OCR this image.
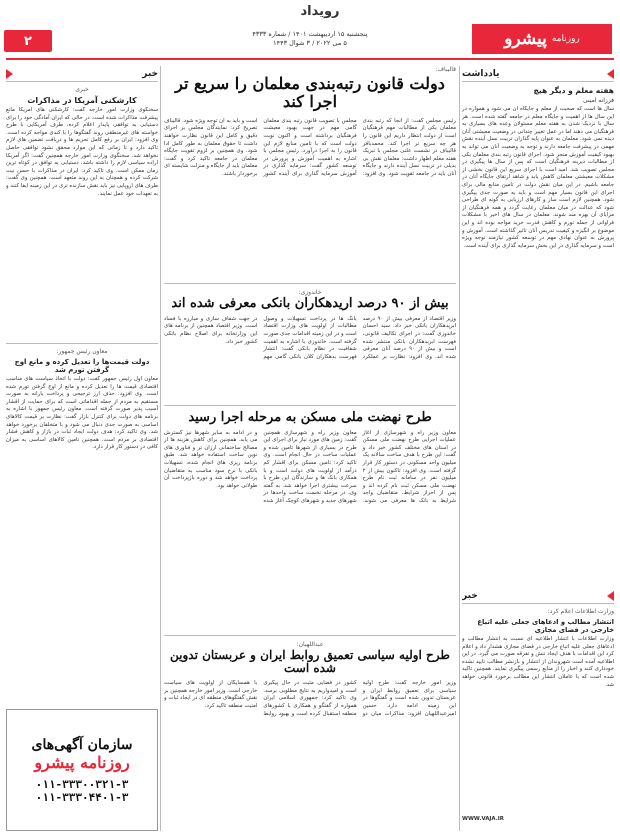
رویداد
روزنامه
پیشرو
پنجشنبه ۱۵ اردیبهشت ۱۴۰۱ / شماره ۴۳۳۳
۵ می ۲۰۲۲ / ۳ شوال ۱۴۴۳
۲
یادداشت
هفته معلم و دیگر هیچ
فرزانه امینی
سال ها است که صحبت از معلم و جایگاه آن می شود و همواره در این سال ها از اهمیت و جایگاه معلم در جامعه گفته شده است. هر سال با نزدیک شدن به هفته معلم مسئولان وعده های بسیاری به فرهنگیان می دهند اما در عمل تغییر چندانی در وضعیت معیشتی آنان دیده نمی شود. معلمان به عنوان پایه گذاران تربیت نسل آینده نقش مهمی در پیشرفت جامعه دارند و توجه به وضعیت آنان می تواند به بهبود کیفیت آموزش منجر شود. اجرای قانون رتبه بندی معلمان یکی از مطالبات دیرینه فرهنگیان است که پس از سال ها پیگیری در مجلس تصویب شد. امید است با اجرای سریع این قانون بخشی از مشکلات معیشتی معلمان کاهش یابد و شاهد ارتقای جایگاه آنان در جامعه باشیم. در این میان نقش دولت در تامین منابع مالی برای اجرای این قانون بسیار مهم است و باید به صورت جدی پیگیری شود. همچنین لازم است ساز و کارهای ارزیابی به گونه ای طراحی شود که عدالت در میان معلمان رعایت گردد و همه فرهنگیان از مزایای آن بهره مند شوند. معلمان در سال های اخیر با مشکلات فراوانی از جمله تورم و کاهش قدرت خرید مواجه بوده اند و این موضوع بر انگیزه و کیفیت تدریس آنان تاثیر گذاشته است. آموزش و پرورش به عنوان نهادی مهم در توسعه کشور نیازمند توجه ویژه است و سرمایه گذاری در این بخش سرمایه گذاری برای آینده است.
خبر
وزارت اطلاعات اعلام کرد:
انتشار مطالب و ادعاهای جعلی علیه اتباع خارجی در فضای مجازی
وزارت اطلاعات با انتشار اطلاعیه ای نسبت به انتشار مطالب و ادعاهای جعلی علیه اتباع خارجی در فضای مجازی هشدار داد و اعلام کرد این اقدامات با هدف ایجاد تنش و تفرقه صورت می گیرد. در این اطلاعیه آمده است شهروندان از انتشار و بازنشر مطالب تایید نشده خودداری کنند و اخبار را از منابع رسمی پیگیری نمایند. همچنین تاکید شده است که با عاملان انتشار این مطالب برخورد قانونی خواهد شد.
WWW.VAJA.IR
قالیباف:
دولت قانون رتبه‌بندی معلمان را سریع تر اجرا کند
رئیس مجلس گفت: از آنجا که رتبه بندی معلمان یکی از مطالبات مهم فرهنگیان است از دولت انتظار داریم این قانون را هر چه سریع تر اجرا کند. محمدباقر قالیباف در نشست علنی مجلس با تبریک هفته معلم اظهار داشت: معلمان نقش بی بدیلی در تربیت نسل آینده دارند و جایگاه آنان باید در جامعه تقویت شود. وی افزود: مجلس با تصویب قانون رتبه بندی معلمان گامی مهم در جهت بهبود معیشت فرهنگیان برداشته است و اکنون نوبت دولت است که با تامین منابع لازم این قانون را به اجرا درآورد. رئیس مجلس با اشاره به اهمیت آموزش و پرورش در توسعه کشور گفت: سرمایه گذاری در آموزش سرمایه گذاری برای آینده کشور است و باید به آن توجه ویژه شود. قالیباف تصریح کرد: نمایندگان مجلس بر اجرای دقیق و کامل این قانون نظارت خواهند داشت تا حقوق معلمان به طور کامل ادا شود. وی همچنین بر لزوم تقویت جایگاه معلمان در جامعه تاکید کرد و گفت: معلمان باید از جایگاه و منزلت شایسته ای برخوردار باشند.
خاندوزی:
بیش از ۹۰ درصد اریدهکاران بانکی معرفی شده اند
وزیر اقتصاد از معرفی بیش از ۹۰ درصد ابرپدهکاران بانکی خبر داد. سید احسان خاندوزی گفت: در اجرای تکالیف قانونی، فهرست ابربدهکاران بانکی منتشر شده است و بیش از ۹۰ درصد آنان معرفی شده اند. وی افزود: نظارت بر عملکرد بانک ها در پرداخت تسهیلات و وصول مطالبات از اولویت های وزارت اقتصاد است و در این زمینه اقدامات جدی صورت گرفته است. خاندوزی با اشاره به اهمیت شفافیت در نظام بانکی گفت: انتشار فهرست بدهکاران کلان بانکی گامی مهم در جهت شفاف سازی و مبارزه با فساد است. وزیر اقتصاد همچنین از برنامه های این وزارتخانه برای اصلاح نظام بانکی کشور خبر داد.
طرح نهضت ملی مسکن به مرحله اجرا رسید
معاون وزیر راه و شهرسازی از آغاز عملیات اجرایی طرح نهضت ملی مسکن در استان های مختلف کشور خبر داد و گفت: این طرح با هدف ساخت سالانه یک میلیون واحد مسکونی در دستور کار قرار گرفته است. وی افزود: تاکنون بیش از ۲ میلیون نفر در سامانه ثبت نام طرح نهضت ملی مسکن ثبت نام کرده اند و پس از احراز شرایط، متقاضیان واجد شرایط به بانک ها معرفی می شوند. معاون وزیر راه و شهرسازی همچنین گفت: زمین های مورد نیاز برای اجرای این طرح در بسیاری از شهرها تامین شده و عملیات ساخت در حال انجام است. وی تاکید کرد: تامین مسکن برای اقشار کم درآمد از اولویت های دولت است و با همکاری بانک ها و سازندگان این طرح با سرعت بیشتری اجرا خواهد شد. به گفته وی، در مرحله نخست ساخت واحدها در شهرهای جدید و شهرهای کوچک آغاز شده و در ادامه به سایر شهرها نیز گسترش می یابد. همچنین برای کاهش هزینه ها از مصالح ساختمانی ارزان تر و فناوری های نوین ساخت استفاده خواهد شد. طبق برنامه ریزی های انجام شده، تسهیلات بانکی با نرخ سود مناسب به متقاضیان پرداخت خواهد شد و دوره بازپرداخت آن طولانی خواهد بود.
عبداللهیان:
طرح اولیه سیاسی تعمیق روابط ایران و عربستان تدوین شده است
وزیر امور خارجه گفت: طرح اولیه سیاسی برای تعمیق روابط ایران و عربستان تدوین شده است و گفتگوها در این زمینه ادامه دارد. حسین امیرعبداللهیان افزود: مذاکرات میان دو کشور در فضایی مثبت در حال پیگیری است و امیدواریم به نتایج مطلوبی برسد. وی تاکید کرد: جمهوری اسلامی ایران همواره از گفتگو و همکاری با کشورهای منطقه استقبال کرده است و بهبود روابط با همسایگان از اولویت های سیاست خارجی است. وزیر امور خارجه همچنین بر نقش گفتگوهای منطقه ای در ایجاد ثبات و امنیت منطقه تاکید کرد.
خبر
خبری
کارشکنی آمریکا در مذاکرات
سخنگوی وزارت امور خارجه گفت: کارشکنی های آمریکا مانع پیشرفت مذاکرات شده است. در حالی که ایران آمادگی خود را برای دستیابی به توافقی پایدار اعلام کرده، طرف آمریکایی با طرح خواسته های غیرمنطقی روند گفتگوها را با کندی مواجه کرده است. وی افزود: ایران بر رفع کامل تحریم ها و دریافت تضمین های لازم تاکید دارد و تا زمانی که این موارد محقق نشود توافقی حاصل نخواهد شد. سخنگوی وزارت امور خارجه همچنین گفت: اگر آمریکا اراده سیاسی لازم را داشته باشد، دستیابی به توافق در کوتاه ترین زمان ممکن است. وی تاکید کرد: ایران در مذاکرات با حسن نیت شرکت کرده و همچنان به این روند متعهد است. همچنین وی گفت: طرف های اروپایی نیز باید نقش سازنده تری در این زمینه ایفا کنند و به تعهدات خود عمل نمایند.
معاون رئیس جمهور:
دولت قیمت‌ها را تعدیل کرده و مانع اوج گرفتن تورم شد
معاون اول رئیس جمهور گفت: دولت با اتخاذ سیاست های مناسب اقتصادی قیمت ها را تعدیل کرده و مانع از اوج گرفتن تورم شده است. وی افزود: حذف ارز ترجیحی و پرداخت یارانه به صورت مستقیم به مردم از جمله اقداماتی است که برای حمایت از اقشار آسیب پذیر صورت گرفته است. معاون رئیس جمهور با اشاره به برنامه های دولت برای کنترل بازار گفت: نظارت بر قیمت کالاهای اساسی به صورت جدی دنبال می شود و با متخلفان برخورد خواهد شد. وی تاکید کرد: هدف دولت ایجاد ثبات در بازار و کاهش فشار اقتصادی بر مردم است. همچنین تامین کالاهای اساسی به میزان کافی در دستور کار قرار دارد.
سازمان آگهی‌های
روزنامه پیشرو
۰۱۱-۳۳۳۰۰۳۲۱-۳
۰۱۱-۳۳۳۰۴۴۰۱-۳
